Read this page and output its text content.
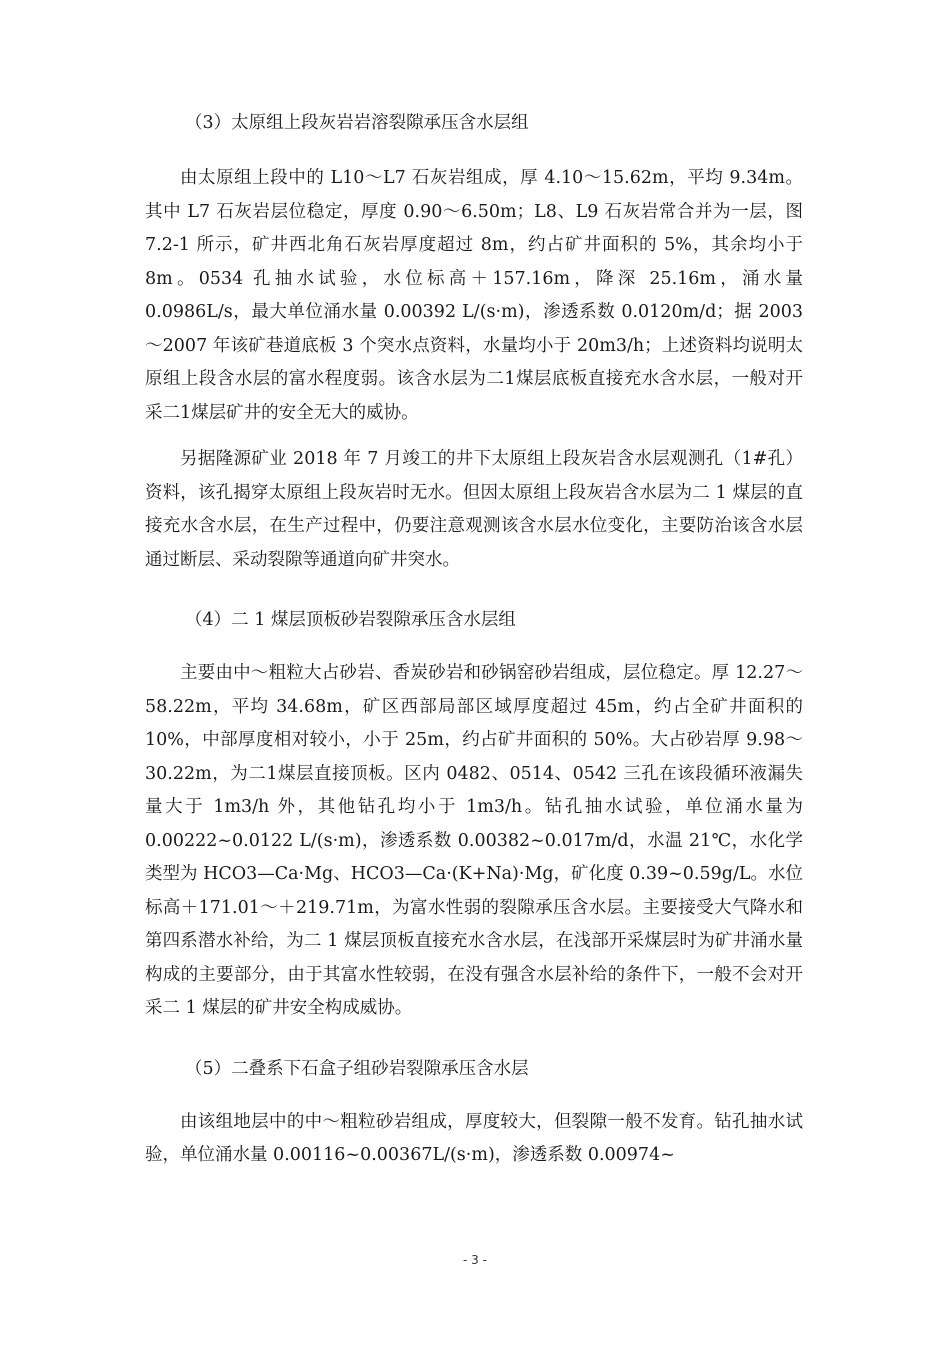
（3）太原组上段灰岩岩溶裂隙承压含水层组

由太原组上段中的 L10～L7 石灰岩组成，厚 4.10～15.62m，平均 9.34m。其中 L7 石灰岩层位稳定，厚度 0.90～6.50m；L8、L9 石灰岩常合并为一层，图 7.2-1 所示，矿井西北角石灰岩厚度超过 8m，约占矿井面积的 5%，其余均小于 8m。0534 孔抽水试验，水位标高＋157.16m，降深 25.16m，涌水量 0.0986L/s，最大单位涌水量 0.00392 L/(s·m)，渗透系数 0.0120m/d；据 2003～2007 年该矿巷道底板 3 个突水点资料，水量均小于 20m3/h；上述资料均说明太原组上段含水层的富水程度弱。该含水层为二1煤层底板直接充水含水层，一般对开采二1煤层矿井的安全无大的威协。

另据隆源矿业 2018 年 7 月竣工的井下太原组上段灰岩含水层观测孔（1#孔）资料，该孔揭穿太原组上段灰岩时无水。但因太原组上段灰岩含水层为二 1 煤层的直接充水含水层，在生产过程中，仍要注意观测该含水层水位变化，主要防治该含水层通过断层、采动裂隙等通道向矿井突水。

（4）二 1 煤层顶板砂岩裂隙承压含水层组

主要由中～粗粒大占砂岩、香炭砂岩和砂锅窑砂岩组成，层位稳定。厚 12.27～58.22m，平均 34.68m，矿区西部局部区域厚度超过 45m，约占全矿井面积的 10%，中部厚度相对较小，小于 25m，约占矿井面积的 50%。大占砂岩厚 9.98～30.22m，为二1煤层直接顶板。区内 0482、0514、0542 三孔在该段循环液漏失量大于 1m3/h 外，其他钻孔均小于 1m3/h。钻孔抽水试验，单位涌水量为 0.00222~0.0122 L/(s·m)，渗透系数 0.00382~0.017m/d，水温 21℃，水化学类型为 HCO3—Ca·Mg、HCO3—Ca·(K+Na)·Mg，矿化度 0.39~0.59g/L。水位标高＋171.01～＋219.71m，为富水性弱的裂隙承压含水层。主要接受大气降水和第四系潜水补给，为二 1 煤层顶板直接充水含水层，在浅部开采煤层时为矿井涌水量构成的主要部分，由于其富水性较弱，在没有强含水层补给的条件下，一般不会对开采二 1 煤层的矿井安全构成威协。

（5）二叠系下石盒子组砂岩裂隙承压含水层

由该组地层中的中～粗粒砂岩组成，厚度较大，但裂隙一般不发育。钻孔抽水试验，单位涌水量 0.00116~0.00367L/(s·m)，渗透系数 0.00974~

- 3 -
